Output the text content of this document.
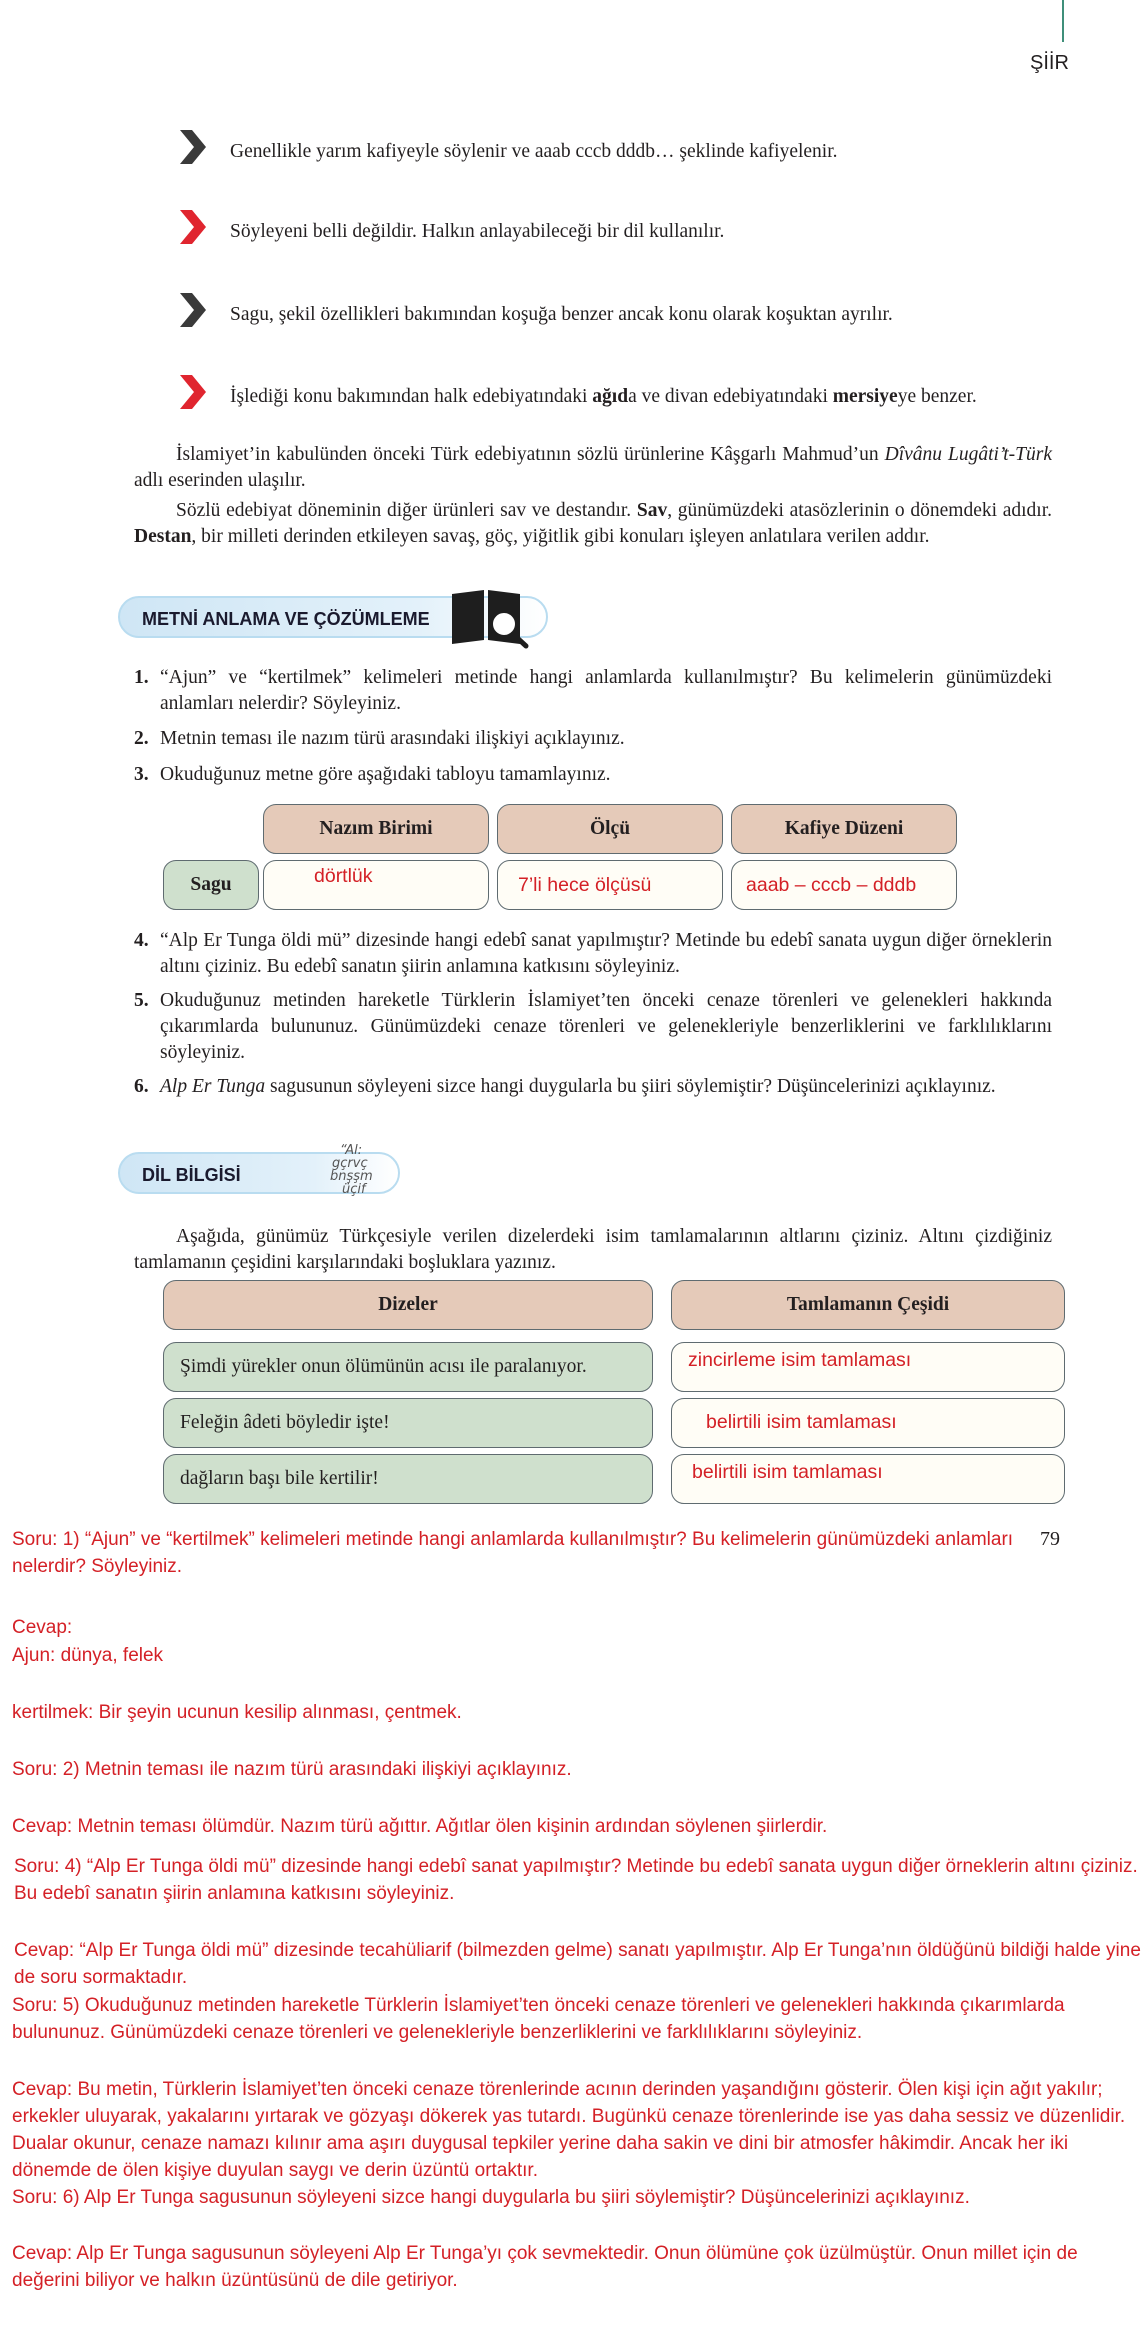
ŞİİR
Genellikle yarım kafiyeyle söylenir ve aaab cccb dddb… şeklinde kafiyelenir.
Söyleyeni belli değildir. Halkın anlayabileceği bir dil kullanılır.
Sagu, şekil özellikleri bakımından koşuğa benzer ancak konu olarak koşuktan ayrılır.
İşlediği konu bakımından halk edebiyatındaki ağıda ve divan edebiyatındaki mersiyeye benzer.
İslamiyet’in kabulünden önceki Türk edebiyatının sözlü ürünlerine Kâşgarlı Mahmud’un Dîvânu Lugâti’t-Türk adlı eserinden ulaşılır.
Sözlü edebiyat döneminin diğer ürünleri sav ve destandır. Sav, günümüzdeki atasözlerinin o dönemdeki adıdır. Destan, bir milleti derinden etkileyen savaş, göç, yiğitlik gibi konuları işleyen anlatılara verilen addır.
METNİ ANLAMA VE ÇÖZÜMLEME
1. “Ajun” ve “kertilmek” kelimeleri metinde hangi anlamlarda kullanılmıştır? Bu kelimelerin günümüzdeki anlamları nelerdir? Söyleyiniz.
2. Metnin teması ile nazım türü arasındaki ilişkiyi açıklayınız.
3. Okuduğunuz metne göre aşağıdaki tabloyu tamamlayınız.
Nazım Birimi	Ölçü	Kafiye Düzeni
Sagu	dörtlük	7’li hece ölçüsü	aaab – cccb – dddb
4. “Alp Er Tunga öldi mü” dizesinde hangi edebî sanat yapılmıştır? Metinde bu edebî sanata uygun diğer örneklerin altını çiziniz. Bu edebî sanatın şiirin anlamına katkısını söyleyiniz.
5. Okuduğunuz metinden hareketle Türklerin İslamiyet’ten önceki cenaze törenleri ve gelenekleri hakkında çıkarımlarda bulununuz. Günümüzdeki cenaze törenleri ve gelenekleriyle benzerliklerini ve farklılıklarını söyleyiniz.
6. Alp Er Tunga sagusunun söyleyeni sizce hangi duygularla bu şiiri söylemiştir? Düşüncelerinizi açıklayınız.
DİL BİLGİSİ
“Al:
gçrvç
bnşşm
üçif
Aşağıda, günümüz Türkçesiyle verilen dizelerdeki isim tamlamalarının altlarını çiziniz. Altını çizdiğiniz tamlamanın çeşidini karşılarındaki boşluklara yazınız.
Dizeler	Tamlamanın Çeşidi
Şimdi yürekler onun ölümünün acısı ile paralanıyor.	zincirleme isim tamlaması
Feleğin âdeti böyledir işte!	belirtili isim tamlaması
dağların başı bile kertilir!	belirtili isim tamlaması
79
Soru: 1) “Ajun” ve “kertilmek” kelimeleri metinde hangi anlamlarda kullanılmıştır? Bu kelimelerin günümüzdeki anlamları nelerdir? Söyleyiniz.
Cevap:
Ajun: dünya, felek
kertilmek: Bir şeyin ucunun kesilip alınması, çentmek.
Soru: 2) Metnin teması ile nazım türü arasındaki ilişkiyi açıklayınız.
Cevap: Metnin teması ölümdür. Nazım türü ağıttır. Ağıtlar ölen kişinin ardından söylenen şiirlerdir.
Soru: 4) “Alp Er Tunga öldi mü” dizesinde hangi edebî sanat yapılmıştır? Metinde bu edebî sanata uygun diğer örneklerin altını çiziniz. Bu edebî sanatın şiirin anlamına katkısını söyleyiniz.
Cevap: “Alp Er Tunga öldi mü” dizesinde tecahüliarif (bilmezden gelme) sanatı yapılmıştır. Alp Er Tunga’nın öldüğünü bildiği halde yine de soru sormaktadır.
Soru: 5) Okuduğunuz metinden hareketle Türklerin İslamiyet’ten önceki cenaze törenleri ve gelenekleri hakkında çıkarımlarda bulununuz. Günümüzdeki cenaze törenleri ve gelenekleriyle benzerliklerini ve farklılıklarını söyleyiniz.
Cevap: Bu metin, Türklerin İslamiyet’ten önceki cenaze törenlerinde acının derinden yaşandığını gösterir. Ölen kişi için ağıt yakılır; erkekler uluyarak, yakalarını yırtarak ve gözyaşı dökerek yas tutardı. Bugünkü cenaze törenlerinde ise yas daha sessiz ve düzenlidir. Dualar okunur, cenaze namazı kılınır ama aşırı duygusal tepkiler yerine daha sakin ve dini bir atmosfer hâkimdir. Ancak her iki dönemde de ölen kişiye duyulan saygı ve derin üzüntü ortaktır.
Soru: 6) Alp Er Tunga sagusunun söyleyeni sizce hangi duygularla bu şiiri söylemiştir? Düşüncelerinizi açıklayınız.
Cevap: Alp Er Tunga sagusunun söyleyeni Alp Er Tunga’yı çok sevmektedir. Onun ölümüne çok üzülmüştür. Onun millet için de değerini biliyor ve halkın üzüntüsünü de dile getiriyor.
